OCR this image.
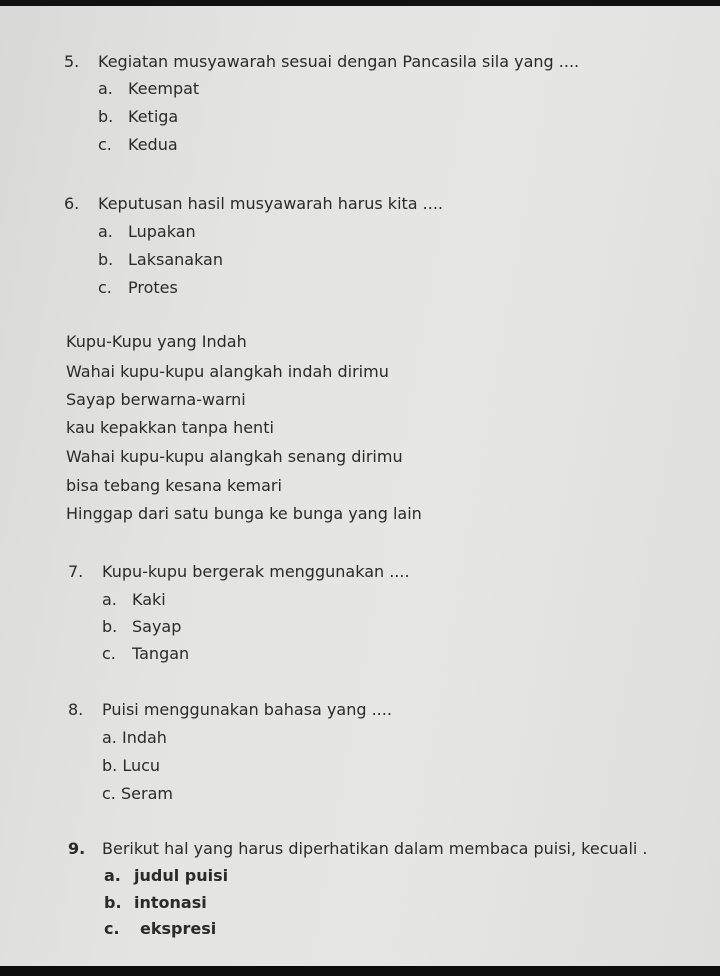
5. Kegiatan musyawarah sesuai dengan Pancasila sila yang ....
a. Keempat
b. Ketiga
c. Kedua
6. Keputusan hasil musyawarah harus kita ....
a. Lupakan
b. Laksanakan
c. Protes
Kupu-Kupu yang Indah
Wahai kupu-kupu alangkah indah dirimu
Sayap berwarna-warni
kau kepakkan tanpa henti
Wahai kupu-kupu alangkah senang dirimu
bisa tebang kesana kemari
Hinggap dari satu bunga ke bunga yang lain
7. Kupu-kupu bergerak menggunakan ....
a. Kaki
b. Sayap
c. Tangan
8. Puisi menggunakan bahasa yang ....
a. Indah
b. Lucu
c. Seram
9. Berikut hal yang harus diperhatikan dalam membaca puisi, kecuali .
a. judul puisi
b. intonasi
c. ekspresi
